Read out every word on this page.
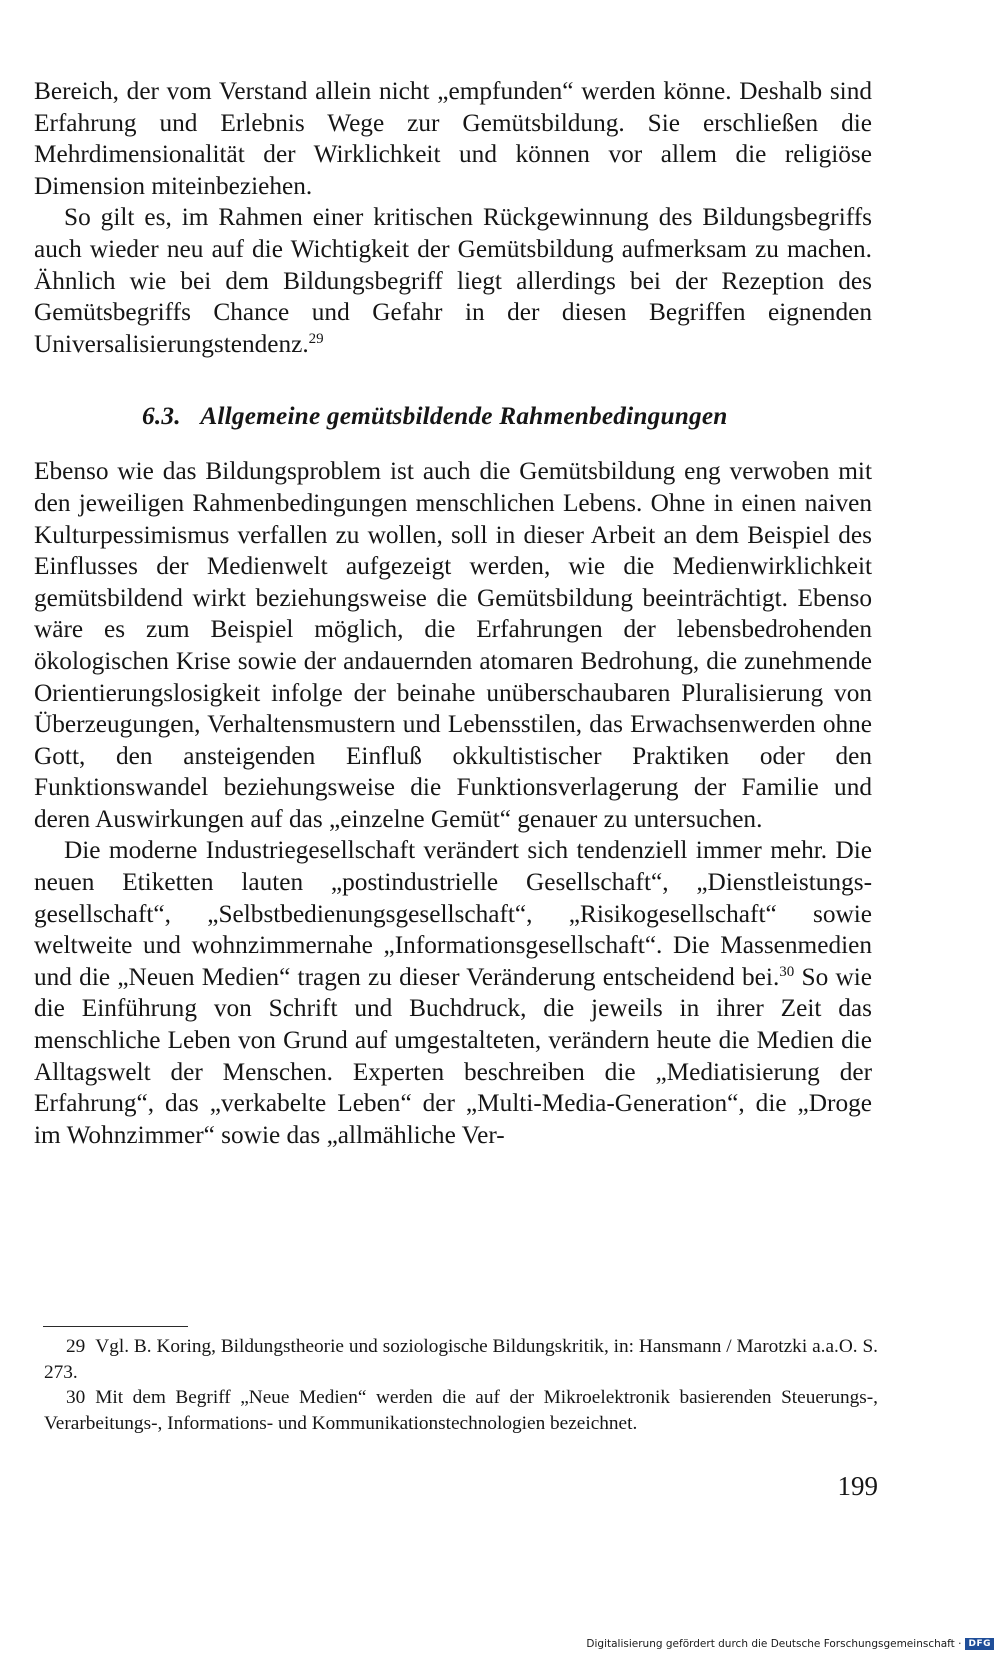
Bereich, der vom Verstand allein nicht „empfunden“ werden könne. Deshalb sind Erfahrung und Erlebnis Wege zur Gemütsbildung. Sie erschließen die Mehrdimensionalität der Wirklichkeit und können vor allem die religiöse Dimension miteinbeziehen.

So gilt es, im Rahmen einer kritischen Rückgewinnung des Bildungsbegriffs auch wieder neu auf die Wichtigkeit der Gemütsbildung aufmerksam zu machen. Ähnlich wie bei dem Bildungsbegriff liegt allerdings bei der Rezeption des Gemütsbegriffs Chance und Gefahr in der diesen Begriffen eignenden Universalisierungstendenz.$^{29}$

6.3. Allgemeine gemütsbildende Rahmenbedingungen

Ebenso wie das Bildungsproblem ist auch die Gemütsbildung eng verwoben mit den jeweiligen Rahmenbedingungen menschlichen Lebens. Ohne in einen naiven Kulturpessimismus verfallen zu wollen, soll in dieser Arbeit an dem Beispiel des Einflusses der Medienwelt aufgezeigt werden, wie die Medienwirklichkeit gemütsbildend wirkt beziehungsweise die Gemütsbildung beeinträchtigt. Ebenso wäre es zum Beispiel möglich, die Erfahrungen der lebensbedrohenden ökologischen Krise sowie der andauernden atomaren Bedrohung, die zunehmende Orientierungslosigkeit infolge der beinahe unüberschaubaren Pluralisierung von Überzeugungen, Verhaltensmustern und Lebensstilen, das Erwachsenwerden ohne Gott, den ansteigenden Einfluß okkultistischer Praktiken oder den Funktionswandel beziehungsweise die Funktionsverlagerung der Familie und deren Auswirkungen auf das „einzelne Gemüt“ genauer zu untersuchen.

Die moderne Industriegesellschaft verändert sich tendenziell immer mehr. Die neuen Etiketten lauten „postindustrielle Gesellschaft“, „Dienstleistungsgesellschaft“, „Selbstbedienungsgesellschaft“, „Risikogesellschaft“ sowie weltweite und wohnzimmernahe „Informationsgesellschaft“. Die Massenmedien und die „Neuen Medien“ tragen zu dieser Veränderung entscheidend bei.$^{30}$ So wie die Einführung von Schrift und Buchdruck, die jeweils in ihrer Zeit das menschliche Leben von Grund auf umgestalteten, verändern heute die Medien die Alltagswelt der Menschen. Experten beschreiben die „Mediatisierung der Erfahrung“, das „verkabelte Leben“ der „Multi-Media-Generation“, die „Droge im Wohnzimmer“ sowie das „allmähliche Ver-

29 Vgl. B. Koring, Bildungstheorie und soziologische Bildungskritik, in: Hansmann / Marotzki a.a.O. S. 273.

30 Mit dem Begriff „Neue Medien“ werden die auf der Mikroelektronik basierenden Steuerungs-, Verarbeitungs-, Informations- und Kommunikationstechnologien bezeichnet.

199
Digitalisierung gefördert durch die Deutsche Forschungsgemeinschaft · DFG
